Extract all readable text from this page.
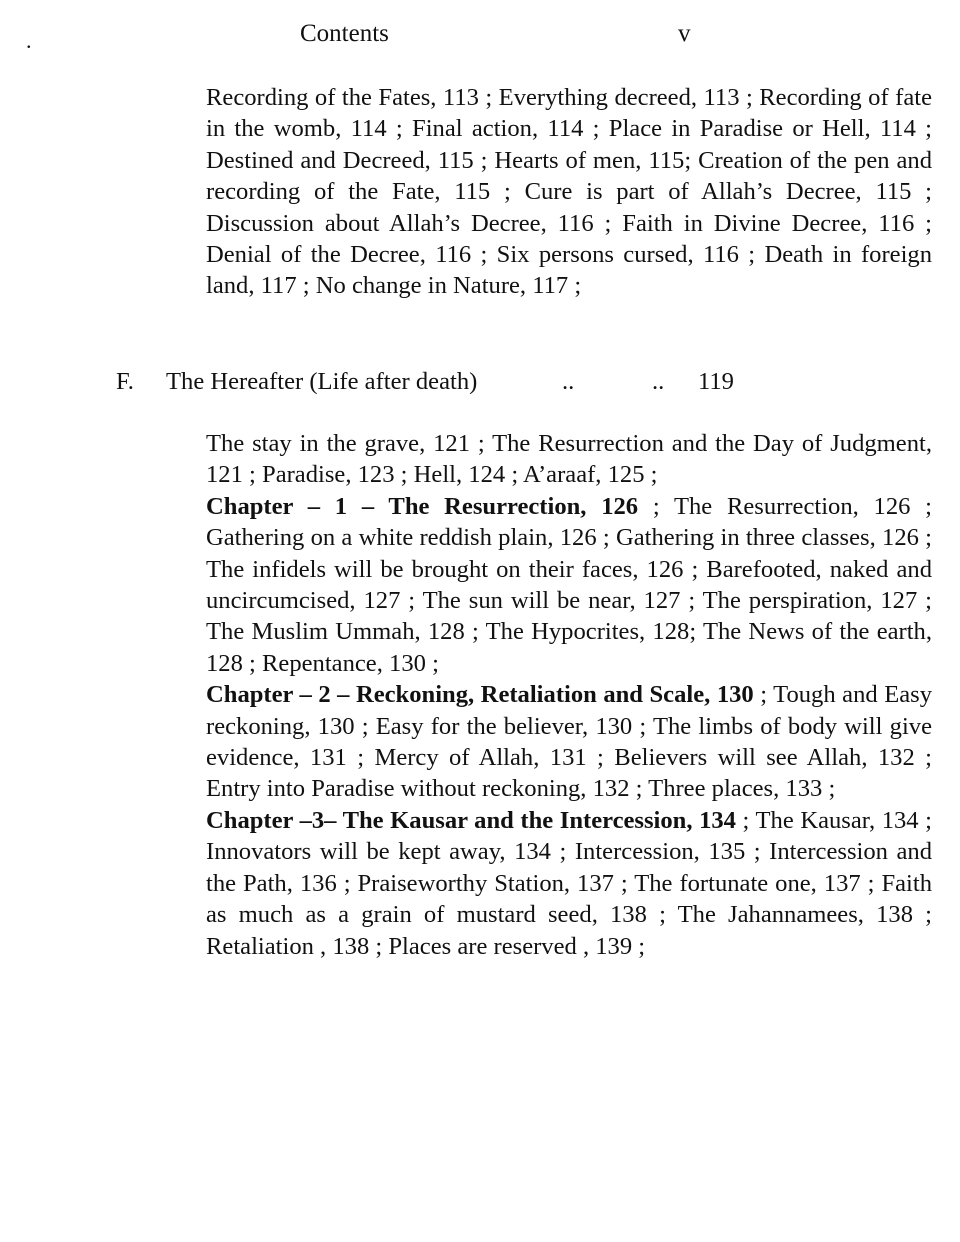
.	Contents	v

Recording of the Fates, 113 ; Everything decreed, 113 ; Recording of fate in the womb, 114 ; Final action, 114 ; Place in Paradise or Hell, 114 ; Destined and Decreed, 115 ; Hearts of men, 115; Creation of the pen and recording of the Fate, 115 ; Cure is part of Allah’s Decree, 115 ; Discussion about Allah’s Decree, 116 ; Faith in Divine Decree, 116 ; Denial of the Decree, 116 ; Six persons cursed, 116 ; Death in foreign land, 117 ; No change in Nature, 117 ;

F. The Hereafter (Life after death)	..	.. 119

The stay in the grave, 121 ; The Resurrection and the Day of Judgment, 121 ; Paradise, 123 ; Hell, 124 ; A’araaf, 125 ;
Chapter – 1 – The Resurrection, 126 ; The Resurrection, 126 ; Gathering on a white reddish plain, 126 ; Gathering in three classes, 126 ; The infidels will be brought on their faces, 126 ; Barefooted, naked and uncircumcised, 127 ; The sun will be near, 127 ; The perspiration, 127 ; The Muslim Ummah, 128 ; The Hypocrites, 128; The News of the earth, 128 ; Repentance, 130 ;
Chapter – 2 – Reckoning, Retaliation and Scale, 130 ; Tough and Easy reckoning, 130 ; Easy for the believer, 130 ; The limbs of body will give evidence, 131 ; Mercy of Allah, 131 ; Believers will see Allah, 132 ; Entry into Paradise without reckoning, 132 ; Three places, 133 ;
Chapter –3– The Kausar and the Intercession, 134 ; The Kausar, 134 ; Innovators will be kept away, 134 ; Intercession, 135 ; Intercession and the Path, 136 ; Praiseworthy Station, 137 ; The fortunate one, 137 ; Faith as much as a grain of mustard seed, 138 ; The Jahannamees, 138 ; Retaliation , 138 ; Places are reserved , 139 ;
